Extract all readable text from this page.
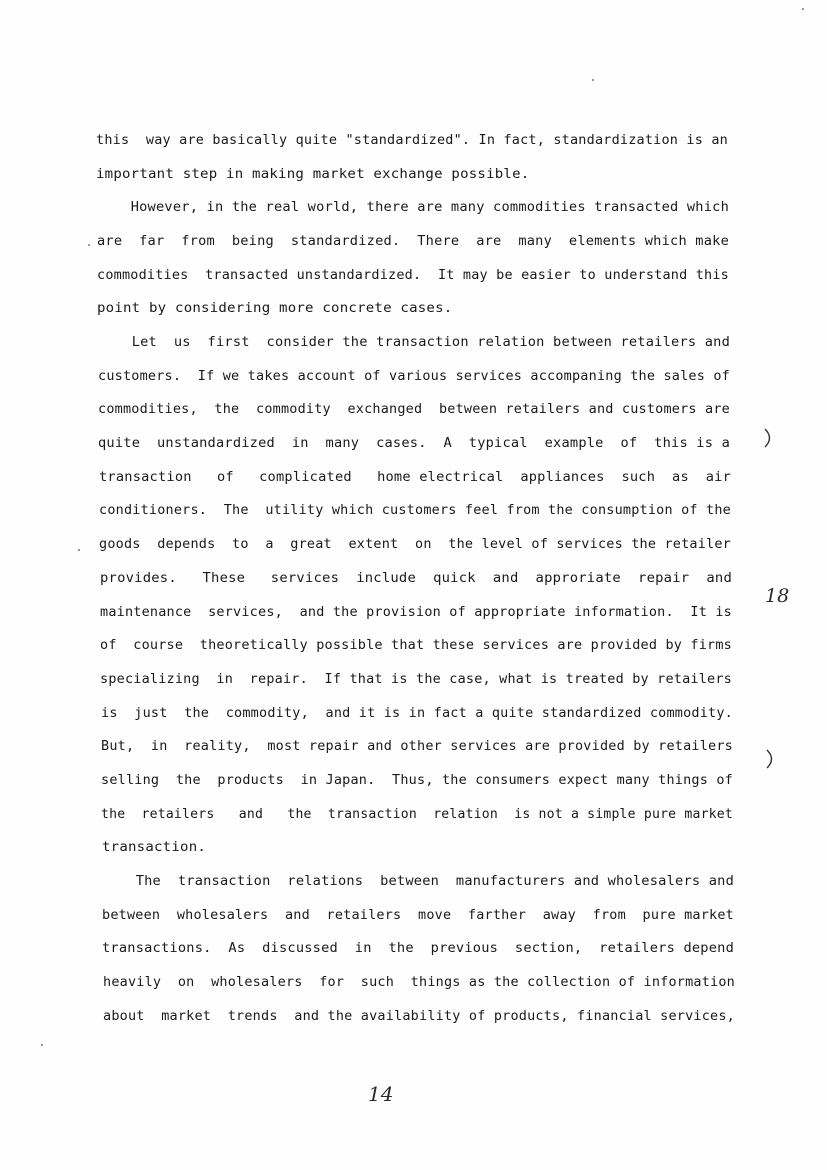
this  way are basically quite "standardized". In fact, standardization is an
important step in making market exchange possible.
However, in the real world, there are many commodities transacted which
are  far  from  being  standardized.  There  are  many  elements which make
commodities  transacted unstandardized.  It may be easier to understand this
point by considering more concrete cases.
Let  us  first  consider the transaction relation between retailers and
customers.  If we takes account of various services accompaning the sales of
commodities,  the  commodity  exchanged  between retailers and customers are
quite  unstandardized  in  many  cases.  A  typical  example  of  this is a
transaction   of   complicated   home electrical  appliances  such  as  air
conditioners.  The  utility which customers feel from the consumption of the
goods  depends  to  a  great  extent  on  the level of services the retailer
provides.   These   services  include  quick  and  approriate  repair  and
maintenance  services,  and the provision of appropriate information.  It is
of  course  theoretically possible that these services are provided by firms
specializing  in  repair.  If that is the case, what is treated by retailers
is  just  the  commodity,  and it is in fact a quite standardized commodity.
But,  in  reality,  most repair and other services are provided by retailers
selling  the  products  in Japan.  Thus, the consumers expect many things of
the  retailers   and   the  transaction  relation  is not a simple pure market
transaction.
The  transaction  relations  between  manufacturers and wholesalers and
between  wholesalers  and  retailers  move  farther  away  from  pure market
transactions.  As  discussed  in  the  previous  section,  retailers depend
heavily  on  wholesalers  for  such  things as the collection of information
about  market  trends  and the availability of products, financial services,
18
14
